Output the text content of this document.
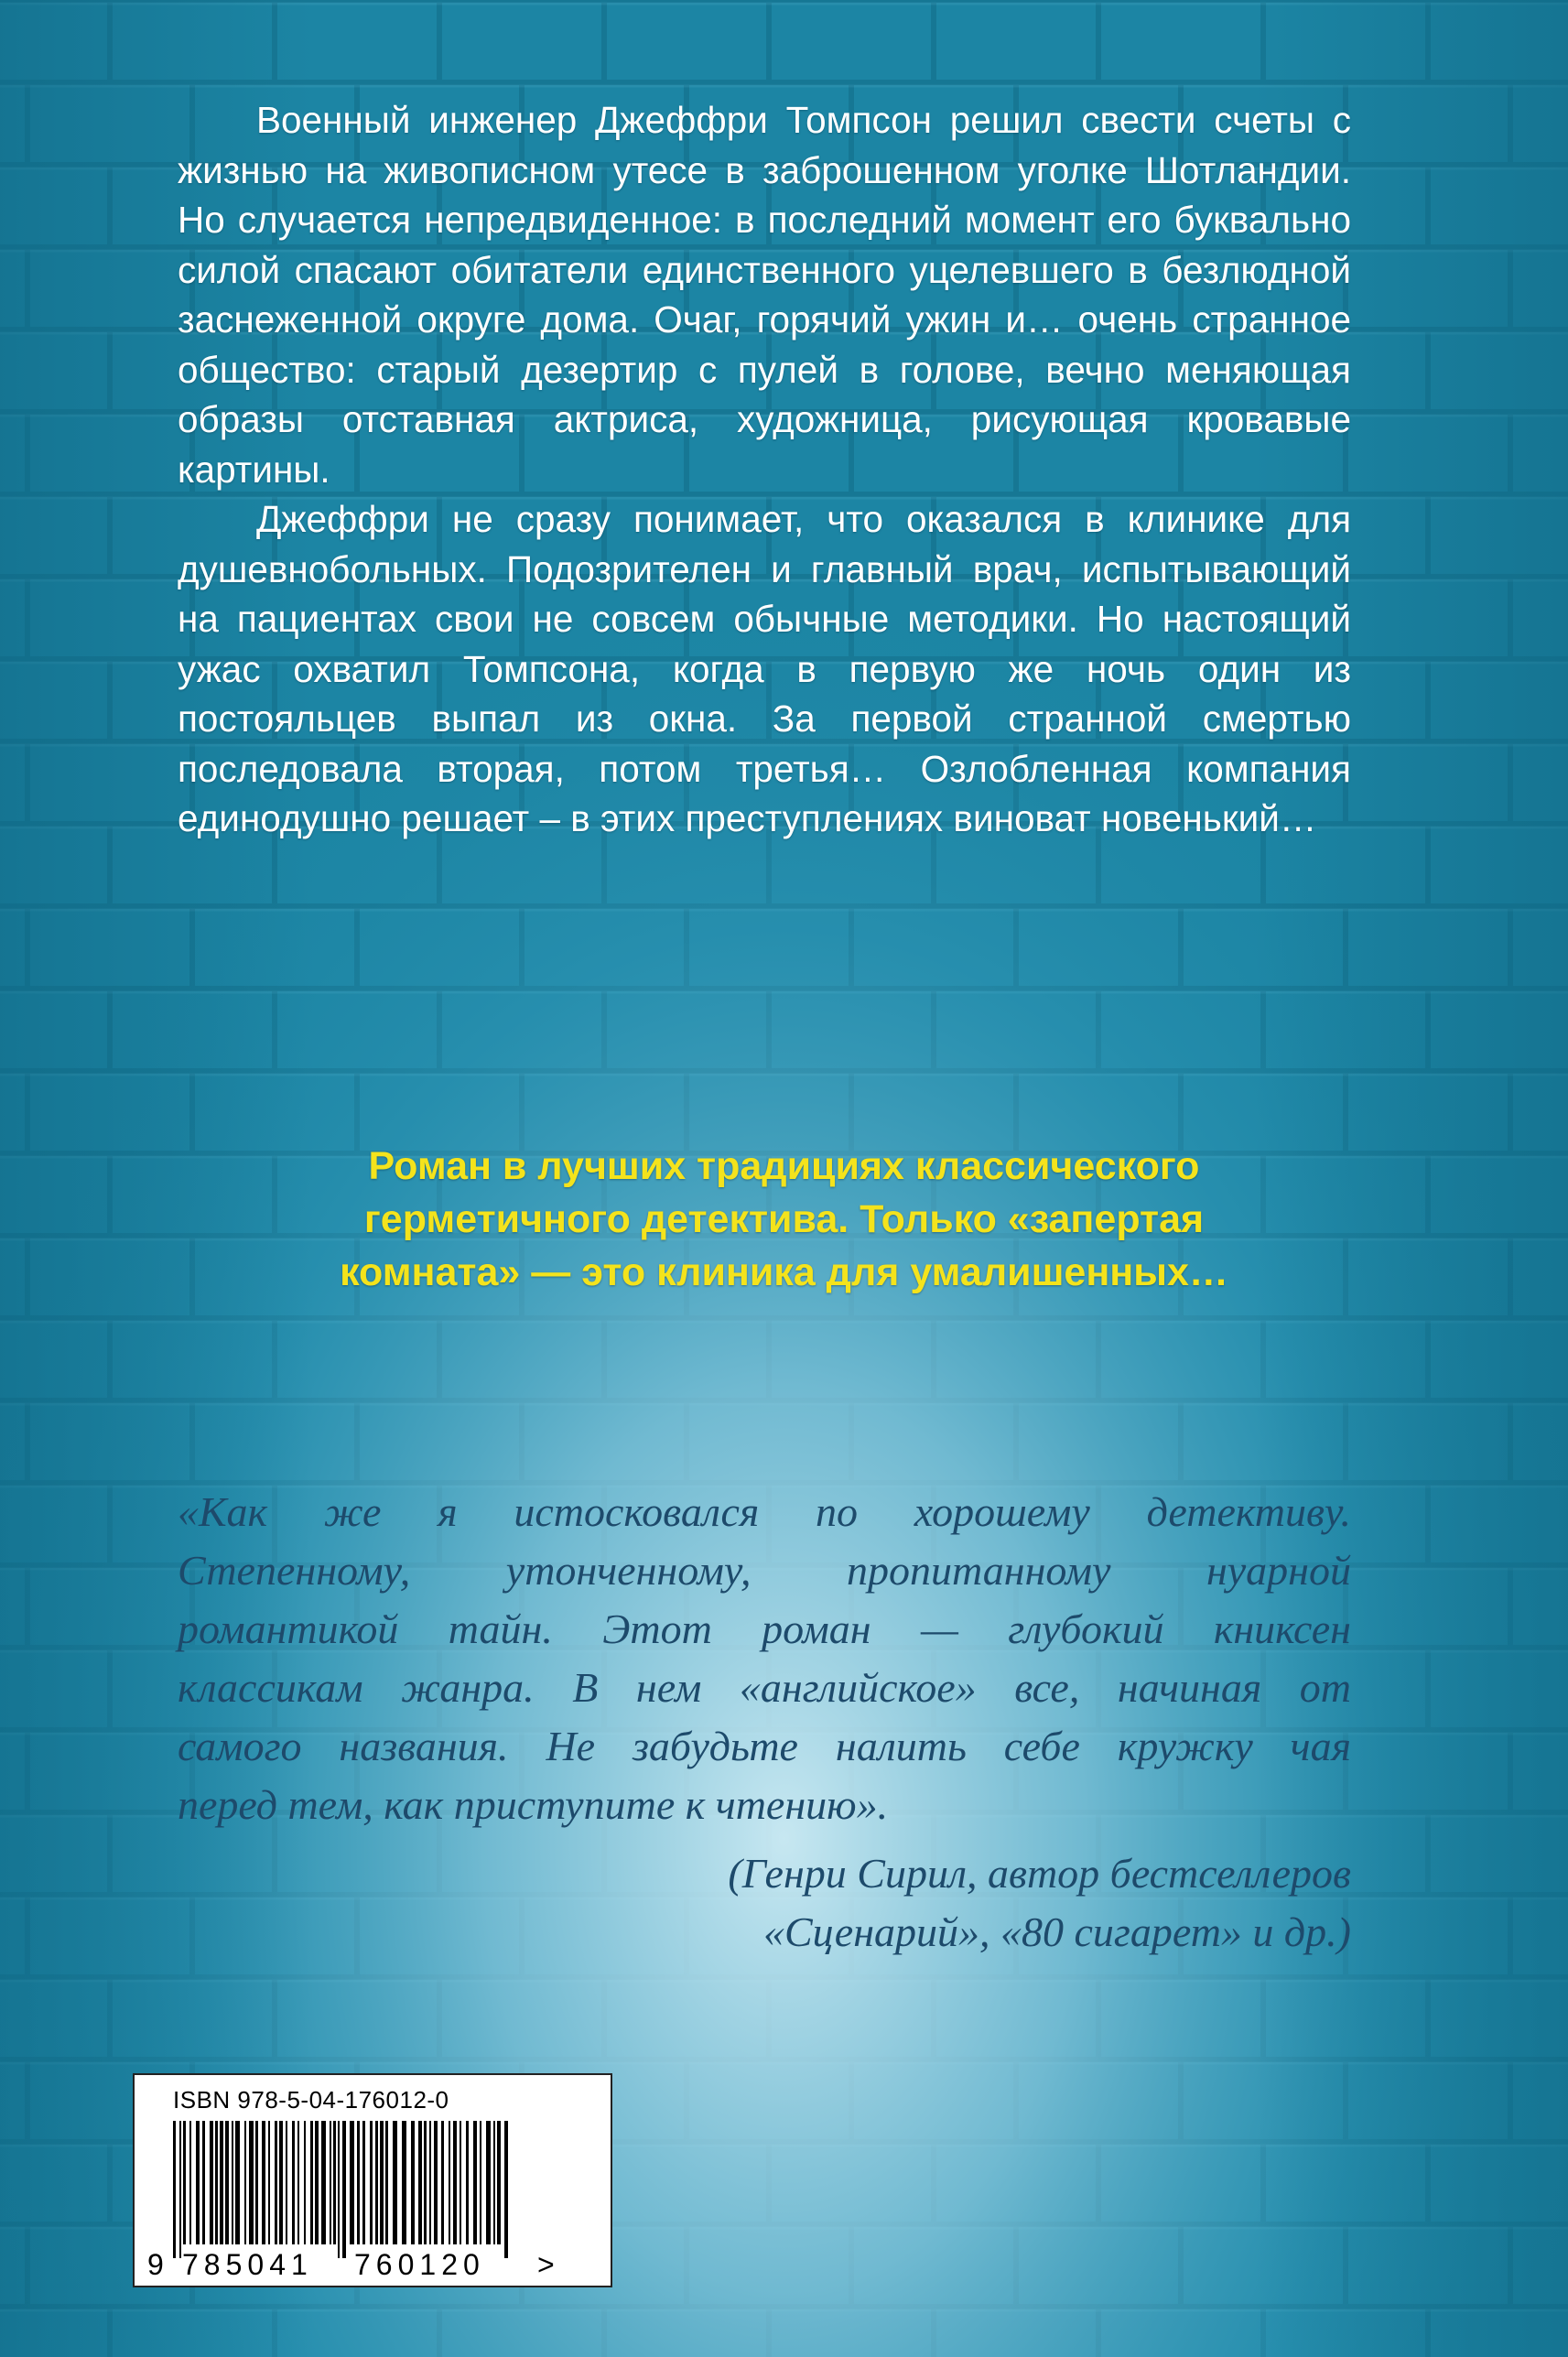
Военный инженер Джеффри Томпсон решил свести счеты с жизнью на живописном утесе в заброшенном уголке Шотландии. Но случается непредвиденное: в последний момент его буквально силой спасают обитатели единственного уцелевшего в безлюдной заснеженной округе дома. Очаг, горячий ужин и… очень странное общество: старый дезертир с пулей в голове, вечно меняющая образы отставная актриса, художница, рисующая кровавые картины.

Джеффри не сразу понимает, что оказался в клинике для душевнобольных. Подозрителен и главный врач, испытывающий на пациентах свои не совсем обычные методики. Но настоящий ужас охватил Томпсона, когда в первую же ночь один из постояльцев выпал из окна. За первой странной смертью последовала вторая, потом третья… Озлобленная компания единодушно решает – в этих преступлениях виноват новенький…

Роман в лучших традициях классического
герметичного детектива. Только «запертая
комната» — это клиника для умалишенных…
«Как же я истосковался по хорошему детективу.
Степенному, утонченному, пропитанному нуарной
романтикой тайн. Этот роман — глубокий книксен
классикам жанра. В нем «английское» все, начиная от
самого названия. Не забудьте налить себе кружку чая
перед тем, как приступите к чтению».
(Генри Сирил, автор бестселлеров
«Сценарий», «80 сигарет» и др.)
ISBN 978-5-04-176012-0
9 785041 760120 >
